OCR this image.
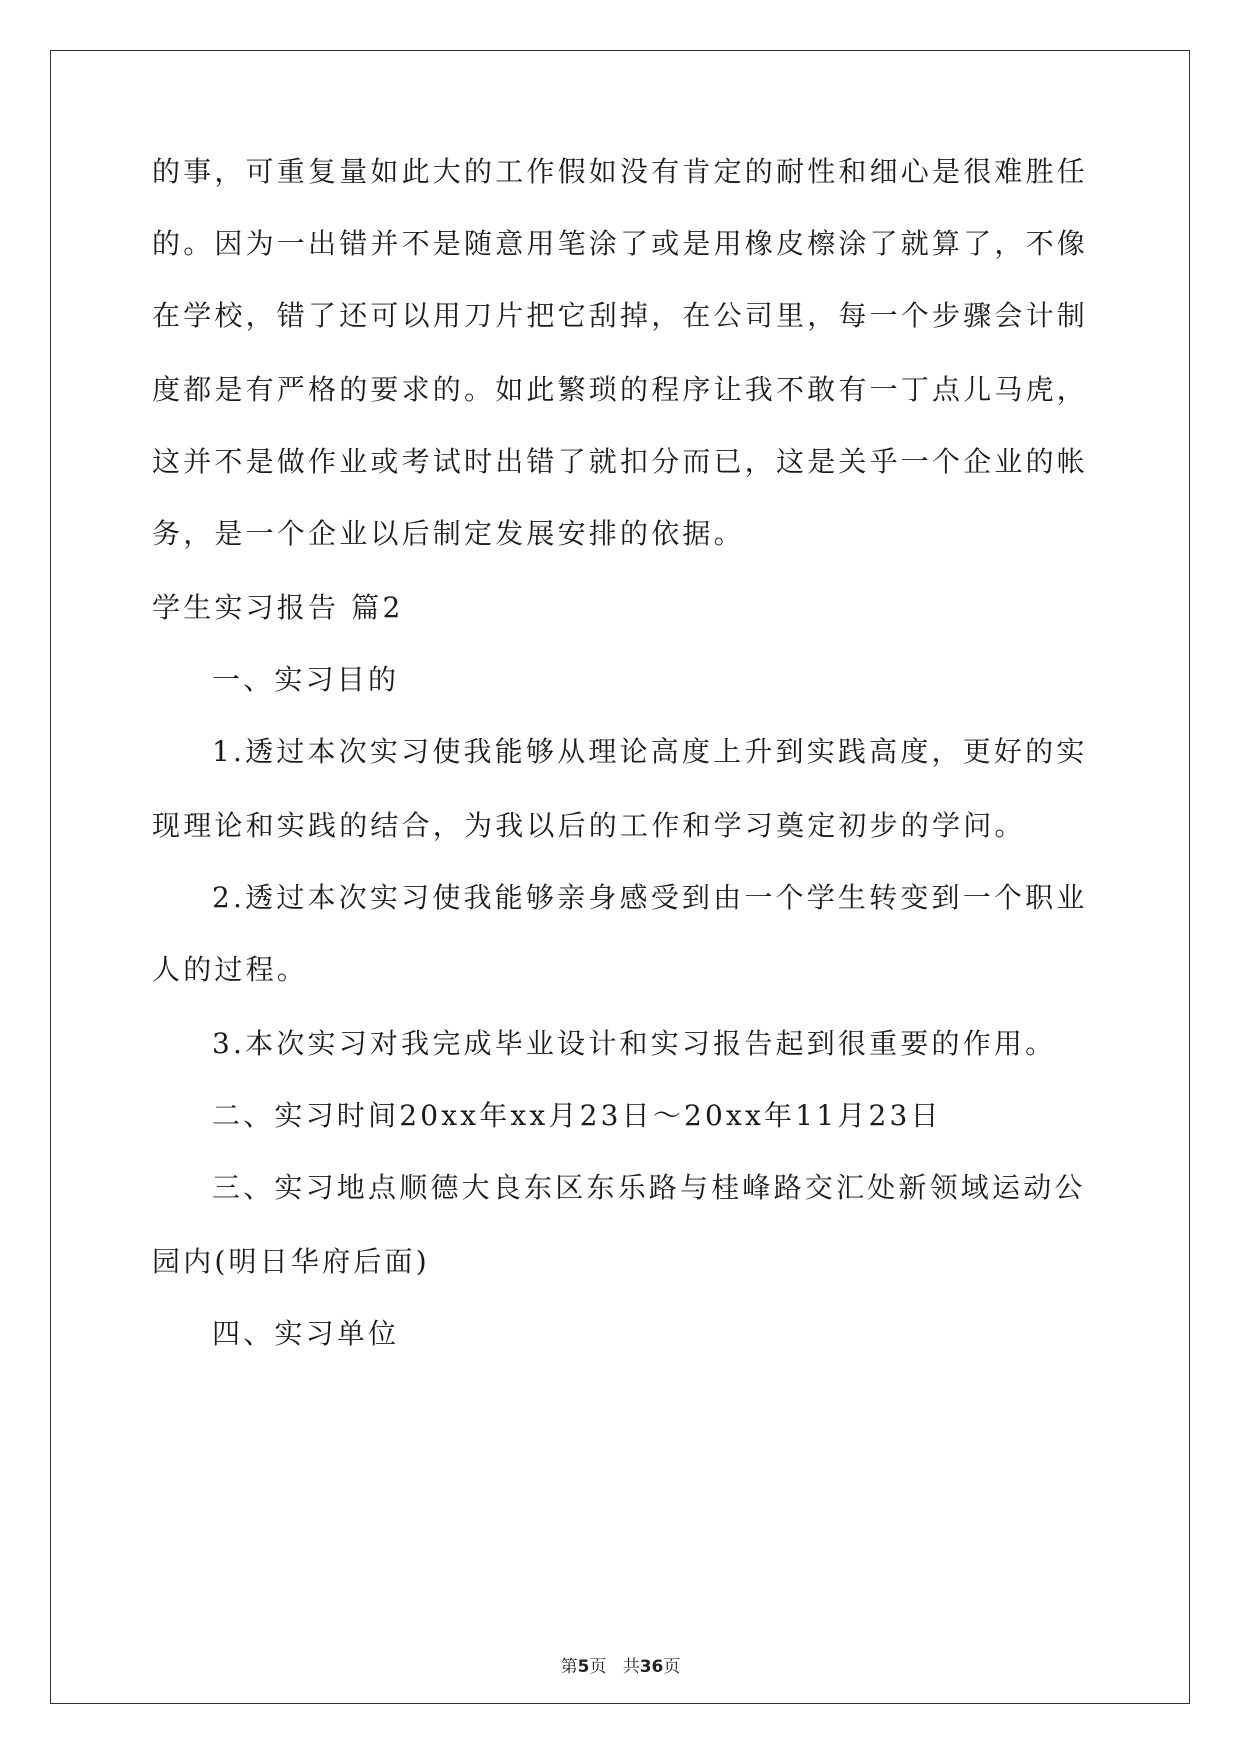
的事，可重复量如此大的工作假如没有肯定的耐性和细心是很难胜任
的。因为一出错并不是随意用笔涂了或是用橡皮檫涂了就算了，不像
在学校，错了还可以用刀片把它刮掉，在公司里，每一个步骤会计制
度都是有严格的要求的。如此繁琐的程序让我不敢有一丁点儿马虎，
这并不是做作业或考试时出错了就扣分而已，这是关乎一个企业的帐
务，是一个企业以后制定发展安排的依据。
学生实习报告 篇2
一、实习目的
1.透过本次实习使我能够从理论高度上升到实践高度，更好的实
现理论和实践的结合，为我以后的工作和学习奠定初步的学问。
2.透过本次实习使我能够亲身感受到由一个学生转变到一个职业
人的过程。
3.本次实习对我完成毕业设计和实习报告起到很重要的作用。
二、实习时间20xx年xx月23日～20xx年11月23日
三、实习地点顺德大良东区东乐路与桂峰路交汇处新领域运动公
园内(明日华府后面)
四、实习单位
第5页 共36页
